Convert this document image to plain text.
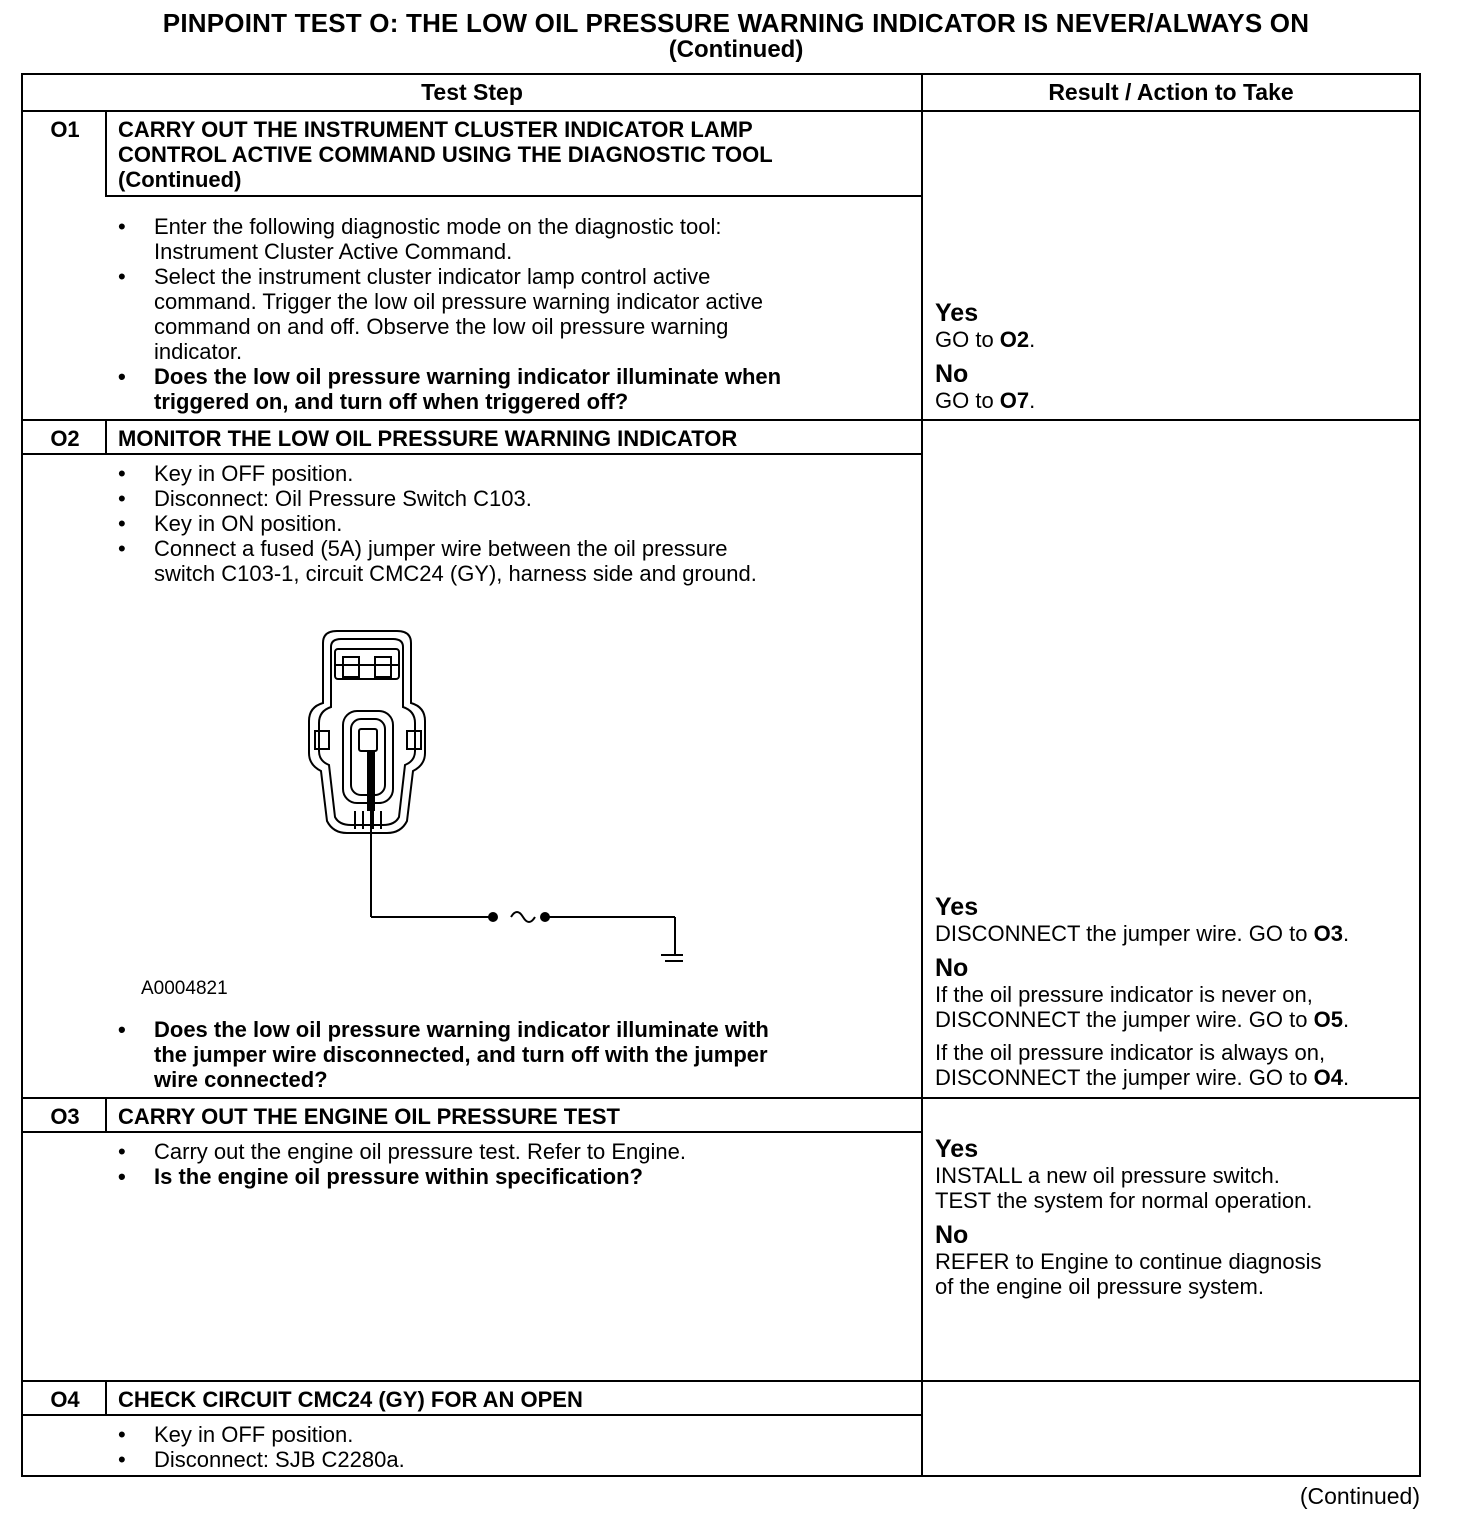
PINPOINT TEST O: THE LOW OIL PRESSURE WARNING INDICATOR IS NEVER/ALWAYS ON
(Continued)
Test Step	Result / Action to Take
O1	CARRY OUT THE INSTRUMENT CLUSTER INDICATOR LAMP
CONTROL ACTIVE COMMAND USING THE DIAGNOSTIC TOOL
(Continued)
• Enter the following diagnostic mode on the diagnostic tool:
Instrument Cluster Active Command.
• Select the instrument cluster indicator lamp control active
command. Trigger the low oil pressure warning indicator active
command on and off. Observe the low oil pressure warning
indicator.
• Does the low oil pressure warning indicator illuminate when
triggered on, and turn off when triggered off?
Yes
GO to O2.
No
GO to O7.
O2	MONITOR THE LOW OIL PRESSURE WARNING INDICATOR
• Key in OFF position.
• Disconnect: Oil Pressure Switch C103.
• Key in ON position.
• Connect a fused (5A) jumper wire between the oil pressure
switch C103-1, circuit CMC24 (GY), harness side and ground.
A0004821
• Does the low oil pressure warning indicator illuminate with
the jumper wire disconnected, and turn off with the jumper
wire connected?
Yes
DISCONNECT the jumper wire. GO to O3.
No
If the oil pressure indicator is never on,
DISCONNECT the jumper wire. GO to O5.
If the oil pressure indicator is always on,
DISCONNECT the jumper wire. GO to O4.
O3	CARRY OUT THE ENGINE OIL PRESSURE TEST
• Carry out the engine oil pressure test. Refer to Engine.
• Is the engine oil pressure within specification?
Yes
INSTALL a new oil pressure switch.
TEST the system for normal operation.
No
REFER to Engine to continue diagnosis
of the engine oil pressure system.
O4	CHECK CIRCUIT CMC24 (GY) FOR AN OPEN
• Key in OFF position.
• Disconnect: SJB C2280a.
(Continued)
